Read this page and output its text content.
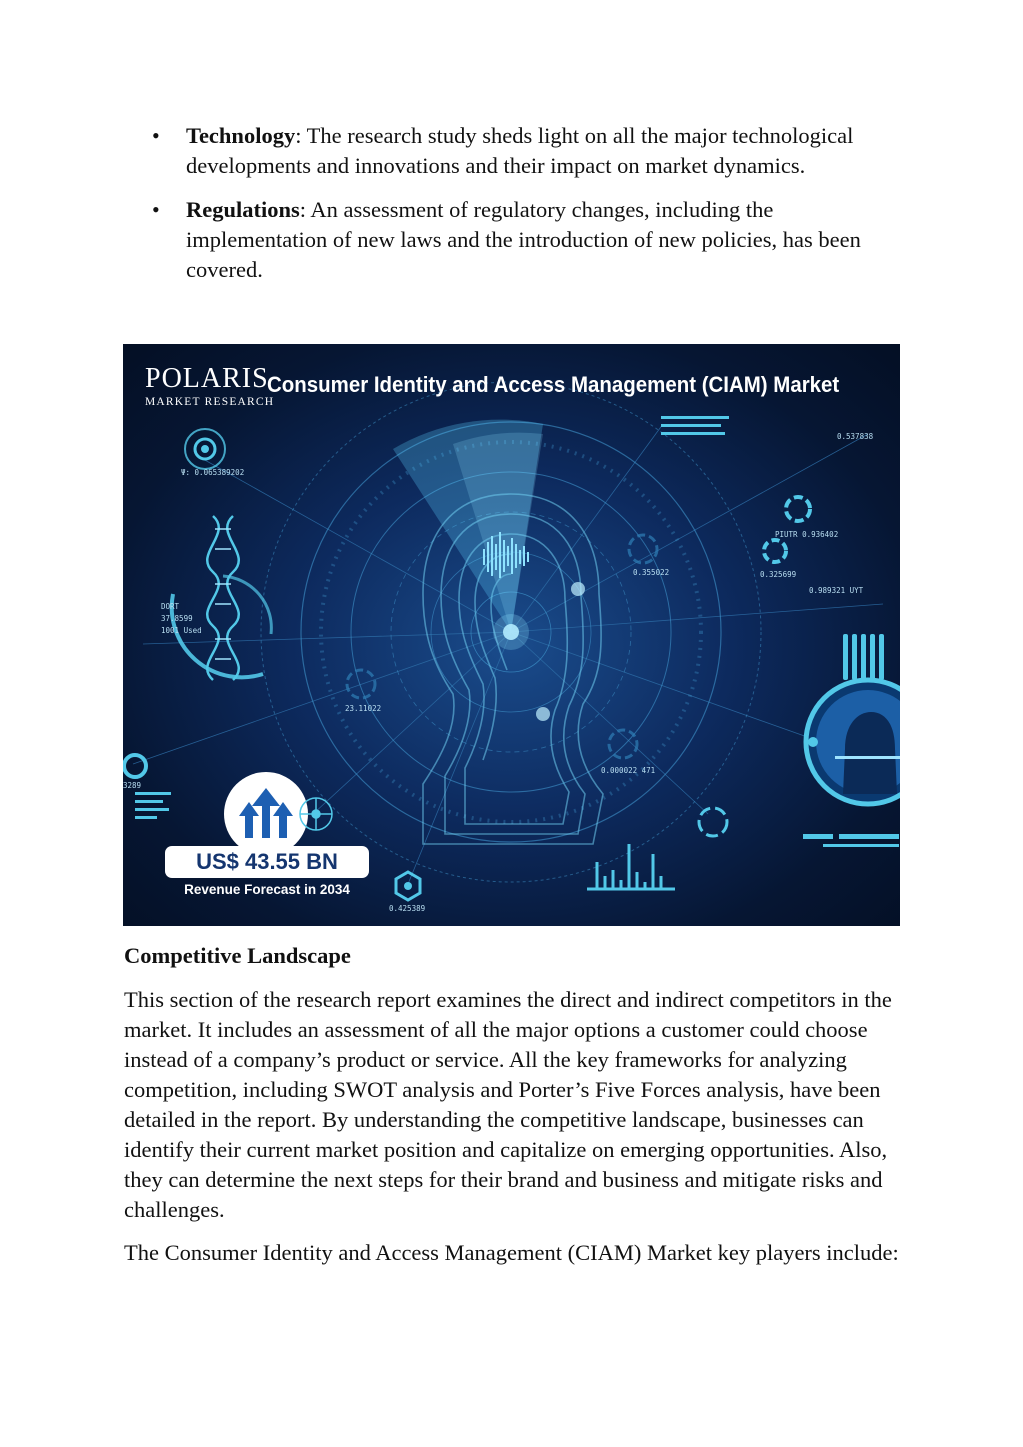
• Technology: The research study sheds light on all the major technological developments and innovations and their impact on market dynamics.
• Regulations: An assessment of regulatory changes, including the implementation of new laws and the introduction of new policies, has been covered.
POLARIS
MARKET RESEARCH
Consumer Identity and Access Management (CIAM) Market
Ψ: 0.065389202
0.537838
PIUTR 0.936402
0.325699
0.989321 UYT
DORT
37.8599
1001 Used
23.11022
0.355022
0.000022 471
0.425389
3289
US$ 43.55 BN
Revenue Forecast in 2034
Competitive Landscape

This section of the research report examines the direct and indirect competitors in the market. It includes an assessment of all the major options a customer could choose instead of a company’s product or service. All the key frameworks for analyzing competition, including SWOT analysis and Porter’s Five Forces analysis, have been detailed in the report. By understanding the competitive landscape, businesses can identify their current market position and capitalize on emerging opportunities. Also, they can determine the next steps for their brand and business and mitigate risks and challenges.

The Consumer Identity and Access Management (CIAM) Market key players include:
